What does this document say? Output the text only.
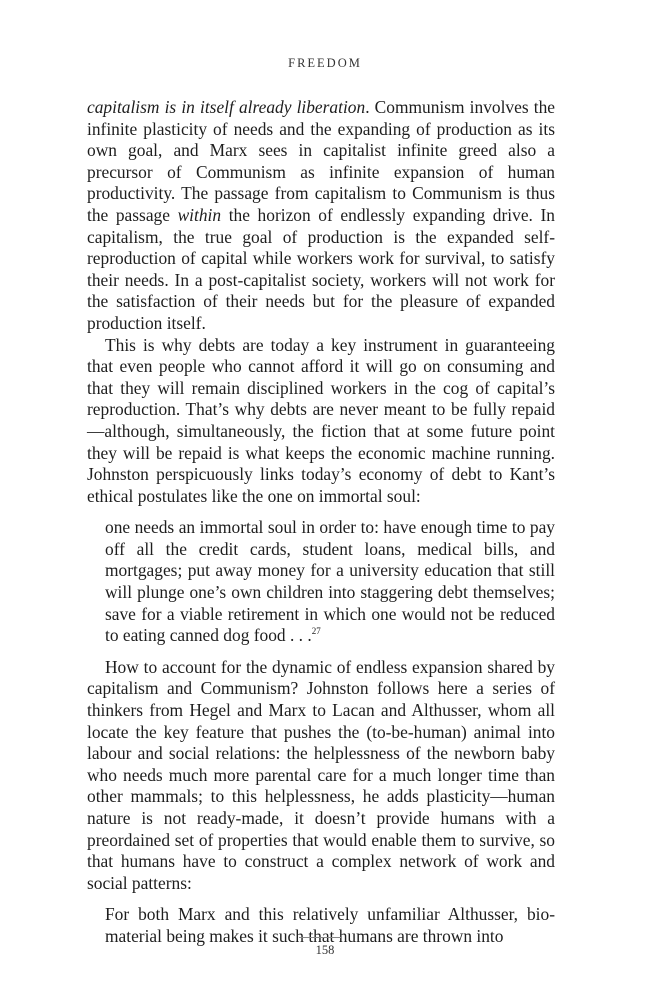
FREEDOM

capitalism is in itself already liberation. Communism involves the infinite plasticity of needs and the expanding of production as its own goal, and Marx sees in capitalist infinite greed also a precursor of Communism as infinite expansion of human productivity. The passage from capitalism to Communism is thus the passage within the horizon of endlessly expanding drive. In capitalism, the true goal of production is the expanded self-reproduction of capital while workers work for survival, to satisfy their needs. In a post-capitalist society, workers will not work for the satisfaction of their needs but for the pleasure of expanded production itself.

This is why debts are today a key instrument in guaranteeing that even people who cannot afford it will go on consuming and that they will remain disciplined workers in the cog of capital’s reproduction. That’s why debts are never meant to be fully repaid—although, simultaneously, the fiction that at some future point they will be repaid is what keeps the economic machine running. Johnston perspicuously links today’s economy of debt to Kant’s ethical postulates like the one on immortal soul:

one needs an immortal soul in order to: have enough time to pay off all the credit cards, student loans, medical bills, and mortgages; put away money for a university education that still will plunge one’s own children into staggering debt themselves; save for a viable retirement in which one would not be reduced to eating canned dog food . . .$^{27}$

How to account for the dynamic of endless expansion shared by capitalism and Communism? Johnston follows here a series of thinkers from Hegel and Marx to Lacan and Althusser, whom all locate the key feature that pushes the (to-be-human) animal into labour and social relations: the helplessness of the newborn baby who needs much more parental care for a much longer time than other mammals; to this helplessness, he adds plasticity—human nature is not ready-made, it doesn’t provide humans with a preordained set of properties that would enable them to survive, so that humans have to construct a complex network of work and social patterns:

For both Marx and this relatively unfamiliar Althusser, bio-material being makes it such that humans are thrown into

158
